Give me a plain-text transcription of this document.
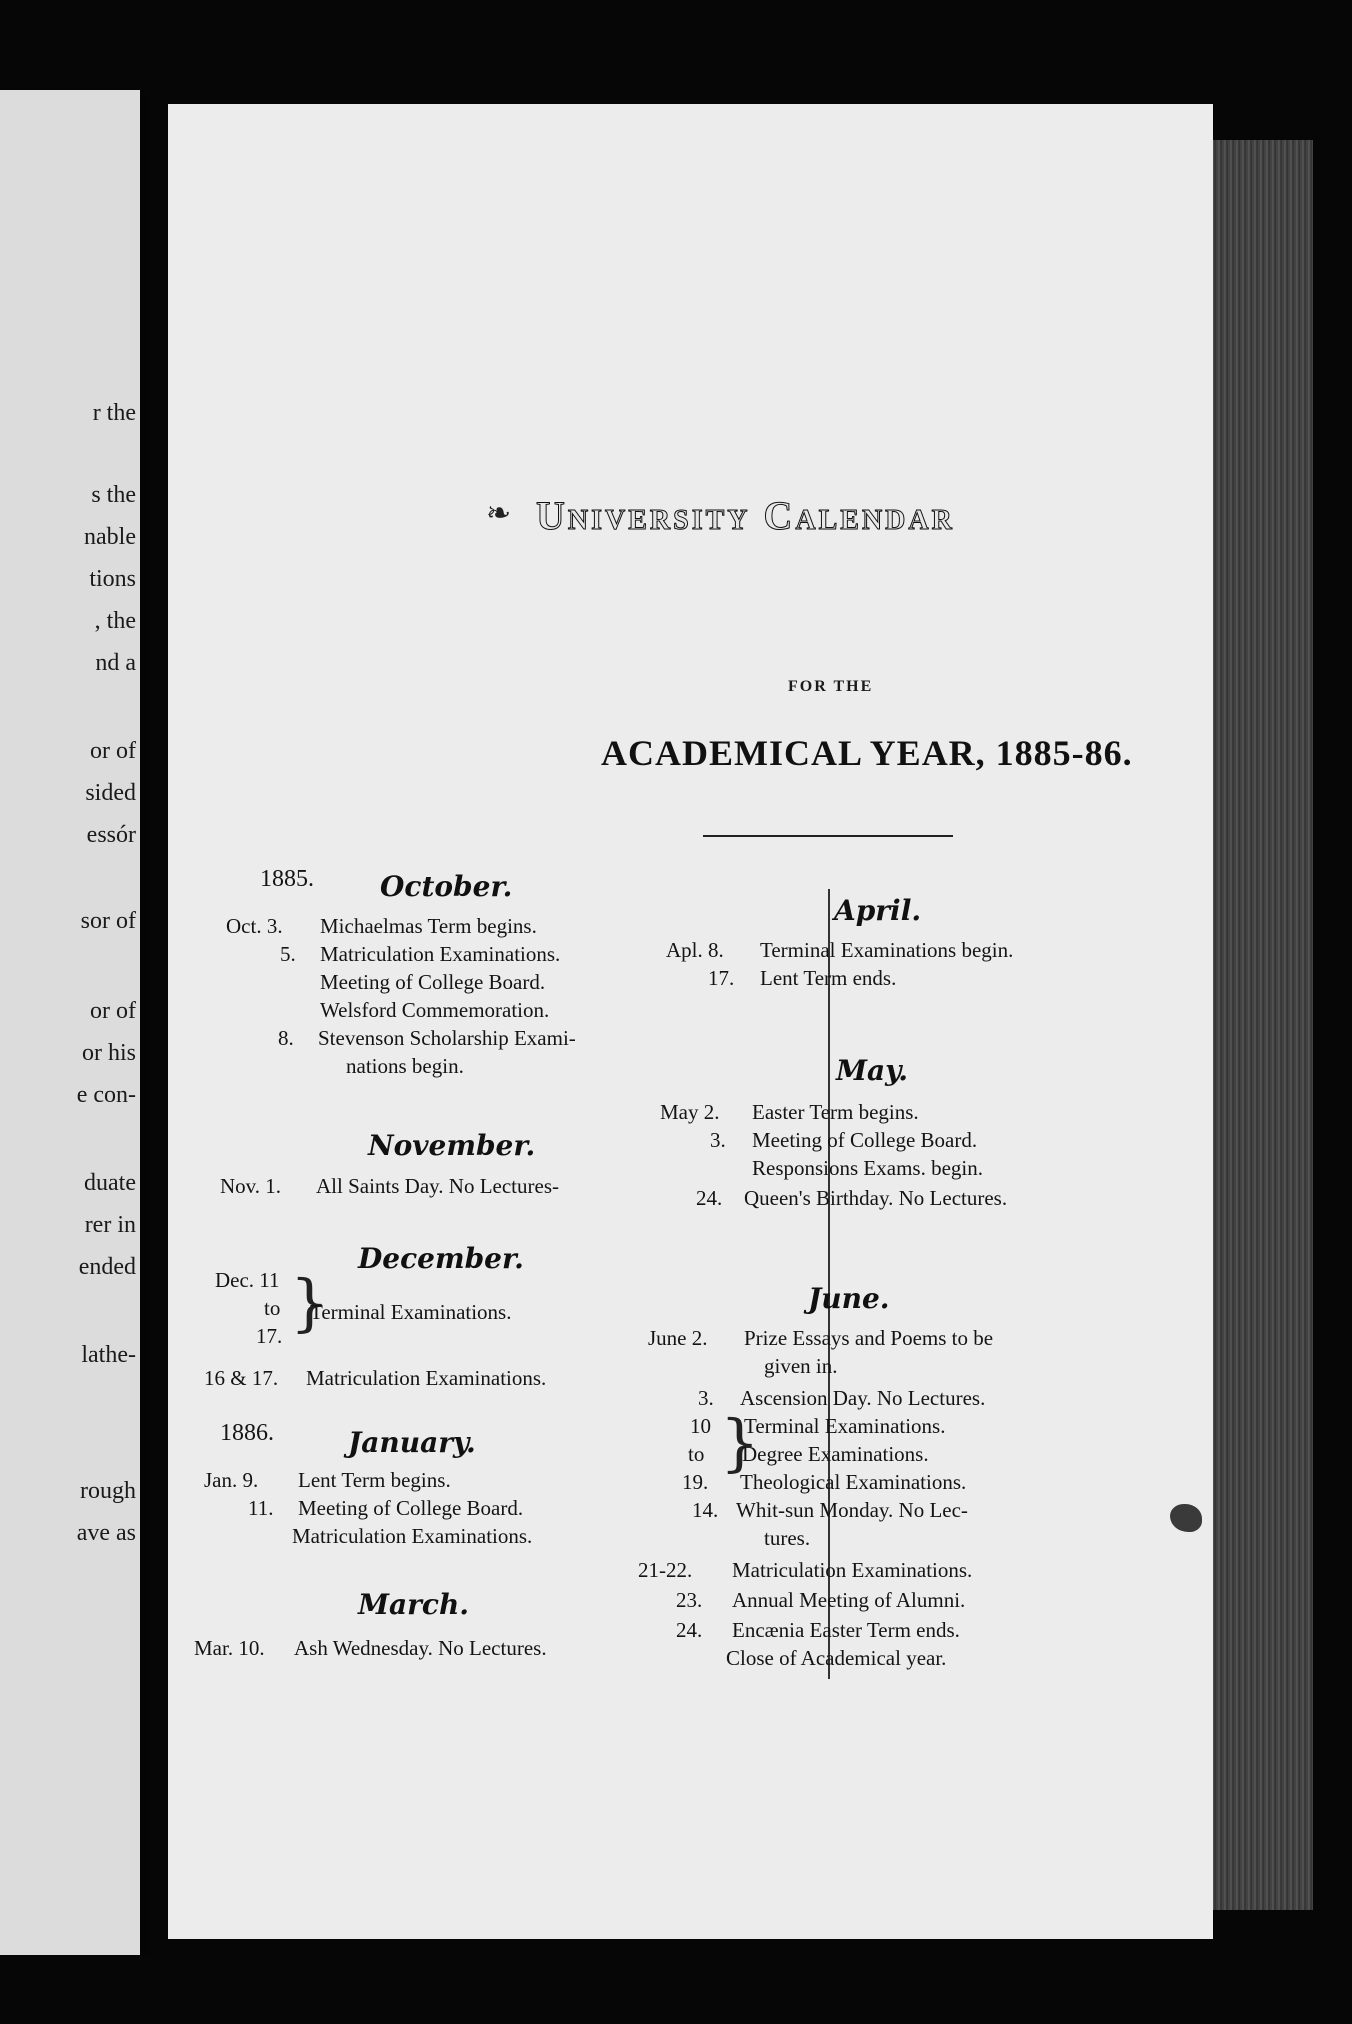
r the
s the
nable
tions
, the
nd a
or of
sided
essór
sor of
or of
or his
e con-
duate
rer in
ended
lathe-
rough
ave as
❧ University Calendar
FOR THE
ACADEMICAL YEAR, 1885-86.
1885. October.
Oct. 3. Michaelmas Term begins.
5. Matriculation Examinations.
Meeting of College Board.
Welsford Commemoration.
8. Stevenson Scholarship Exami-
nations begin.
November.
Nov. 1. All Saints Day. No Lectures-
December.
Dec. 11
to
17. }
Terminal Examinations.
16 & 17. Matriculation Examinations.
1886.	January.
Jan. 9. Lent Term begins.
11. Meeting of College Board.
Matriculation Examinations.
March.
Mar. 10. Ash Wednesday. No Lectures.
April.
Apl. 8. Terminal Examinations begin.
17. Lent Term ends.
May.
May 2. Easter Term begins.
3. Meeting of College Board.
Responsions Exams. begin.
24. Queen's Birthday. No Lectures.
June.
June 2. Prize Essays and Poems to be
given in.
3. Ascension Day. No Lectures.
10
to
19.
}
Terminal Examinations.
Degree Examinations.
Theological Examinations.
14. Whit-sun Monday. No Lec-
tures.
21-22. Matriculation Examinations.
23. Annual Meeting of Alumni.
24. Encænia Easter Term ends.
Close of Academical year.
